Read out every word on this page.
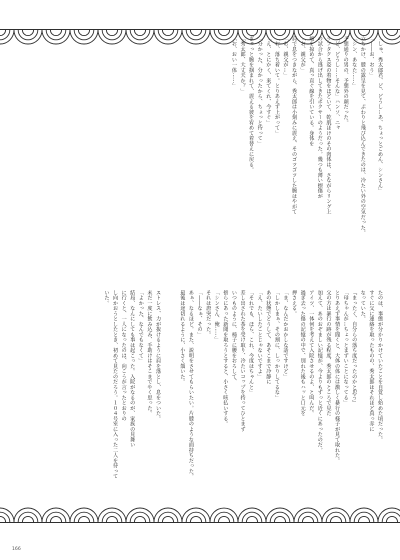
「しゅ、秀太郎君、ど、どうし…あ、ちょっとごめん、シンさん」
「――お、おう」
立ちかけ、膝の露呈を見て、ぷわりと飛び込んできたのは、冷たい外の空気だった。
「シン、あなた……」
予想通りの男の、予想外の顔だった。
「ど、どうし……そんな」ハンソ、ニャ
ラフタクス姿の着物をほどいて、乾肌ほけのその肉体は、さながらリング上
の試合から逃げ出してきたボクサーのようだった。幾つも薄い擦傷が
頬を掠めて、真っ直ぐ線を引いている。身体を
「お、親父が」
肩で息をつきながら、秀太郎は小刻みに震え、そのゴツゴツした腕はやがて
「お、親父が…」
「お、落ち着いて。とりあえず上がって」
「え、とにかく、来てくれ、今すぐ」
「分かった、分かったから、ちょっと待って」
ぎゅっと腕を掴まれて、震える彼を宥めて着替えに戻る。
「秀太郎、大丈夫か？」
「お、おい一体……」
たのは、事態が分かりかけていたことを自覚し始めた頃だった。
すぐに父に連絡を取ったものの、秀太郎はそれほど真っ赤に
なっていた。
『まったく、自分らの落ち度だったのかと思う』
「母ちゃんが…ちょっとまずいことになってる」
とりあえず事情を聞くと、大体の体には激しく暴行の様子が見て取れた。
父の方は暴行の跡が残る程度、秀太郎のところで見た
加えて、あのおぞましい記憶が、今よりもずっと近くにあったのだ。
アイツ、一体何を考えて入院させるのよ、と叫んだ。
過ぎ去った傷の記憶の中で、別れた後もハッと口元を
押さえる。
「ま、なんだかおかしな話ですけど」
「しかしまぁ、その割に、しっかりしてるな」
あの状態でどうして、あそこまで冷静に
「え、たいしたことじゃないですよ」
「それでも、ほら、これ、今度はちゃんと」
差し出された茶を受け取り、冷たいコップを持ってひとまず
いつものように、椅子に腰をおろして、
傍らにあった新聞を取ろうとすると、小さく咳払いする。
「シンさん、俺……」
それは唐突だった。
「――なぁ、その」
あぁ、なるほど。また、説明をさせてもらいたい。片膝のような面持ちだった。
最後は途切れるように、小さく頷いた。
ストレス、力が抜けるように肩を落とし、息をついた。
未だ一度に飲み込み、手助けはそこまでやく思った。
「よかった、なんでもなくて」
結局、なんにしても事は起こった。入院がなるのが、家族の見舞い
に行くと、一人になったのは、向こうが言ったとおりの
し向かおうとしたとき、初めて見たのだろう。１０４号室に入った二人を待って
いた。
166
